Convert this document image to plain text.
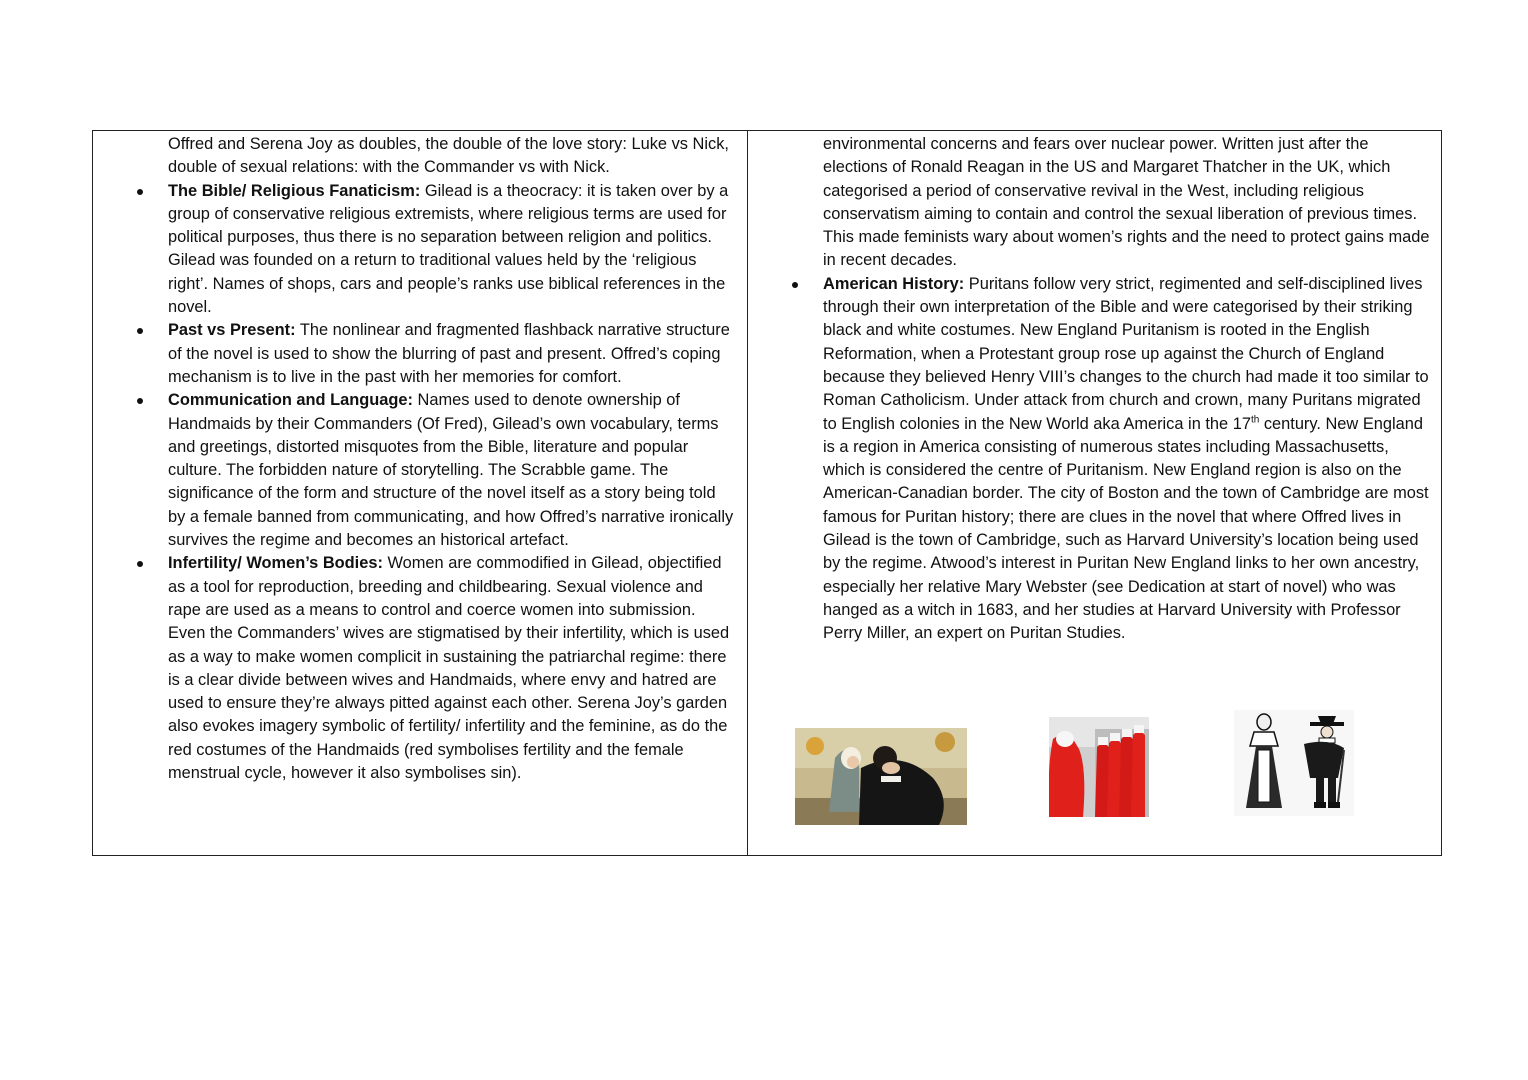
Offred and Serena Joy as doubles, the double of the love story: Luke vs Nick, double of sexual relations: with the Commander vs with Nick.

The Bible/ Religious Fanaticism: Gilead is a theocracy: it is taken over by a group of conservative religious extremists, where religious terms are used for political purposes, thus there is no separation between religion and politics. Gilead was founded on a return to traditional values held by the ‘religious right’. Names of shops, cars and people’s ranks use biblical references in the novel.
Past vs Present: The nonlinear and fragmented flashback narrative structure of the novel is used to show the blurring of past and present. Offred’s coping mechanism is to live in the past with her memories for comfort.
Communication and Language: Names used to denote ownership of Handmaids by their Commanders (Of Fred), Gilead’s own vocabulary, terms and greetings, distorted misquotes from the Bible, literature and popular culture. The forbidden nature of storytelling. The Scrabble game. The significance of the form and structure of the novel itself as a story being told by a female banned from communicating, and how Offred’s narrative ironically survives the regime and becomes an historical artefact.
Infertility/ Women’s Bodies: Women are commodified in Gilead, objectified as a tool for reproduction, breeding and childbearing. Sexual violence and rape are used as a means to control and coerce women into submission. Even the Commanders’ wives are stigmatised by their infertility, which is used as a way to make women complicit in sustaining the patriarchal regime: there is a clear divide between wives and Handmaids, where envy and hatred are used to ensure they’re always pitted against each other. Serena Joy’s garden also evokes imagery symbolic of fertility/ infertility and the feminine, as do the red costumes of the Handmaids (red symbolises fertility and the female menstrual cycle, however it also symbolises sin).

environmental concerns and fears over nuclear power. Written just after the elections of Ronald Reagan in the US and Margaret Thatcher in the UK, which categorised a period of conservative revival in the West, including religious conservatism aiming to contain and control the sexual liberation of previous times. This made feminists wary about women’s rights and the need to protect gains made in recent decades.

American History: Puritans follow very strict, regimented and self-disciplined lives through their own interpretation of the Bible and were categorised by their striking black and white costumes. New England Puritanism is rooted in the English Reformation, when a Protestant group rose up against the Church of England because they believed Henry VIII’s changes to the church had made it too similar to Roman Catholicism. Under attack from church and crown, many Puritans migrated to English colonies in the New World aka America in the 17th century. New England is a region in America consisting of numerous states including Massachusetts, which is considered the centre of Puritanism. New England region is also on the American-Canadian border. The city of Boston and the town of Cambridge are most famous for Puritan history; there are clues in the novel that where Offred lives in Gilead is the town of Cambridge, such as Harvard University’s location being used by the regime. Atwood’s interest in Puritan New England links to her own ancestry, especially her relative Mary Webster (see Dedication at start of novel) who was hanged as a witch in 1683, and her studies at Harvard University with Professor Perry Miller, an expert on Puritan Studies.
